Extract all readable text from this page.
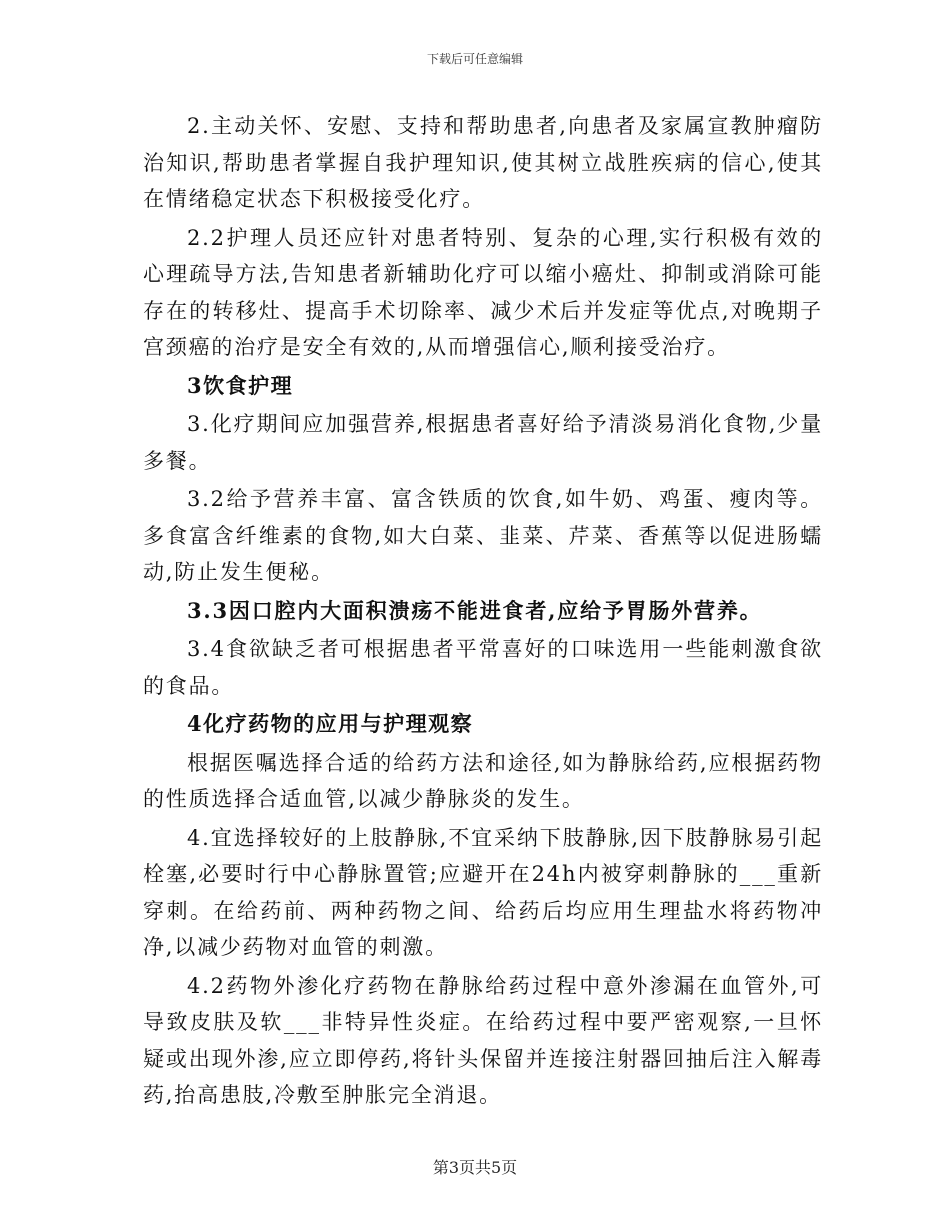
下载后可任意编辑

2.主动关怀、安慰、支持和帮助患者,向患者及家属宣教肿瘤防治知识,帮助患者掌握自我护理知识,使其树立战胜疾病的信心,使其在情绪稳定状态下积极接受化疗。

2.2护理人员还应针对患者特别、复杂的心理,实行积极有效的心理疏导方法,告知患者新辅助化疗可以缩小癌灶、抑制或消除可能存在的转移灶、提高手术切除率、减少术后并发症等优点,对晚期子宫颈癌的治疗是安全有效的,从而增强信心,顺利接受治疗。

3饮食护理

3.化疗期间应加强营养,根据患者喜好给予清淡易消化食物,少量多餐。

3.2给予营养丰富、富含铁质的饮食,如牛奶、鸡蛋、瘦肉等。多食富含纤维素的食物,如大白菜、韭菜、芹菜、香蕉等以促进肠蠕动,防止发生便秘。

3.3因口腔内大面积溃疡不能进食者,应给予胃肠外营养。

3.4食欲缺乏者可根据患者平常喜好的口味选用一些能刺激食欲的食品。

4化疗药物的应用与护理观察

根据医嘱选择合适的给药方法和途径,如为静脉给药,应根据药物的性质选择合适血管,以减少静脉炎的发生。

4.宜选择较好的上肢静脉,不宜采纳下肢静脉,因下肢静脉易引起栓塞,必要时行中心静脉置管;应避开在24h内被穿刺静脉的___重新穿刺。在给药前、两种药物之间、给药后均应用生理盐水将药物冲净,以减少药物对血管的刺激。

4.2药物外渗化疗药物在静脉给药过程中意外渗漏在血管外,可导致皮肤及软___非特异性炎症。在给药过程中要严密观察,一旦怀疑或出现外渗,应立即停药,将针头保留并连接注射器回抽后注入解毒药,抬高患肢,冷敷至肿胀完全消退。

第3页共5页
